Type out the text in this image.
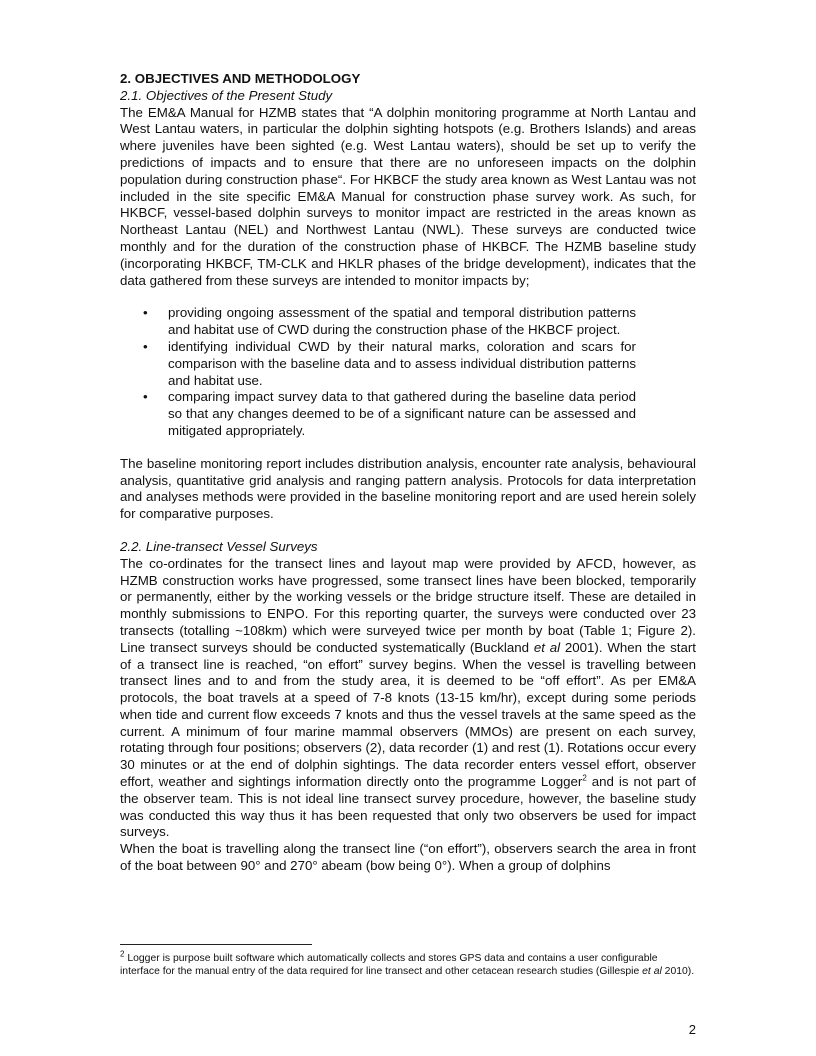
2. OBJECTIVES AND METHODOLOGY
2.1. Objectives of the Present Study

The EM&A Manual for HZMB states that “A dolphin monitoring programme at North Lantau and West Lantau waters, in particular the dolphin sighting hotspots (e.g. Brothers Islands) and areas where juveniles have been sighted (e.g. West Lantau waters), should be set up to verify the predictions of impacts and to ensure that there are no unforeseen impacts on the dolphin population during construction phase“. For HKBCF the study area known as West Lantau was not included in the site specific EM&A Manual for construction phase survey work. As such, for HKBCF, vessel-based dolphin surveys to monitor impact are restricted in the areas known as Northeast Lantau (NEL) and Northwest Lantau (NWL). These surveys are conducted twice monthly and for the duration of the construction phase of HKBCF. The HZMB baseline study (incorporating HKBCF, TM-CLK and HKLR phases of the bridge development), indicates that the data gathered from these surveys are intended to monitor impacts by;

• providing ongoing assessment of the spatial and temporal distribution patterns and habitat use of CWD during the construction phase of the HKBCF project.
• identifying individual CWD by their natural marks, coloration and scars for comparison with the baseline data and to assess individual distribution patterns and habitat use.
• comparing impact survey data to that gathered during the baseline data period so that any changes deemed to be of a significant nature can be assessed and mitigated appropriately.

The baseline monitoring report includes distribution analysis, encounter rate analysis, behavioural analysis, quantitative grid analysis and ranging pattern analysis. Protocols for data interpretation and analyses methods were provided in the baseline monitoring report and are used herein solely for comparative purposes.

2.2. Line-transect Vessel Surveys

The co-ordinates for the transect lines and layout map were provided by AFCD, however, as HZMB construction works have progressed, some transect lines have been blocked, temporarily or permanently, either by the working vessels or the bridge structure itself. These are detailed in monthly submissions to ENPO. For this reporting quarter, the surveys were conducted over 23 transects (totalling ~108km) which were surveyed twice per month by boat (Table 1; Figure 2). Line transect surveys should be conducted systematically (Buckland et al 2001). When the start of a transect line is reached, “on effort” survey begins. When the vessel is travelling between transect lines and to and from the study area, it is deemed to be “off effort”. As per EM&A protocols, the boat travels at a speed of 7-8 knots (13-15 km/hr), except during some periods when tide and current flow exceeds 7 knots and thus the vessel travels at the same speed as the current. A minimum of four marine mammal observers (MMOs) are present on each survey, rotating through four positions; observers (2), data recorder (1) and rest (1). Rotations occur every 30 minutes or at the end of dolphin sightings. The data recorder enters vessel effort, observer effort, weather and sightings information directly onto the programme Logger$^2$ and is not part of the observer team. This is not ideal line transect survey procedure, however, the baseline study was conducted this way thus it has been requested that only two observers be used for impact surveys.

When the boat is travelling along the transect line (“on effort”), observers search the area in front of the boat between 90° and 270° abeam (bow being 0°). When a group of dolphins

$^2$ Logger is purpose built software which automatically collects and stores GPS data and contains a user configurable interface for the manual entry of the data required for line transect and other cetacean research studies (Gillespie et al 2010).
2
